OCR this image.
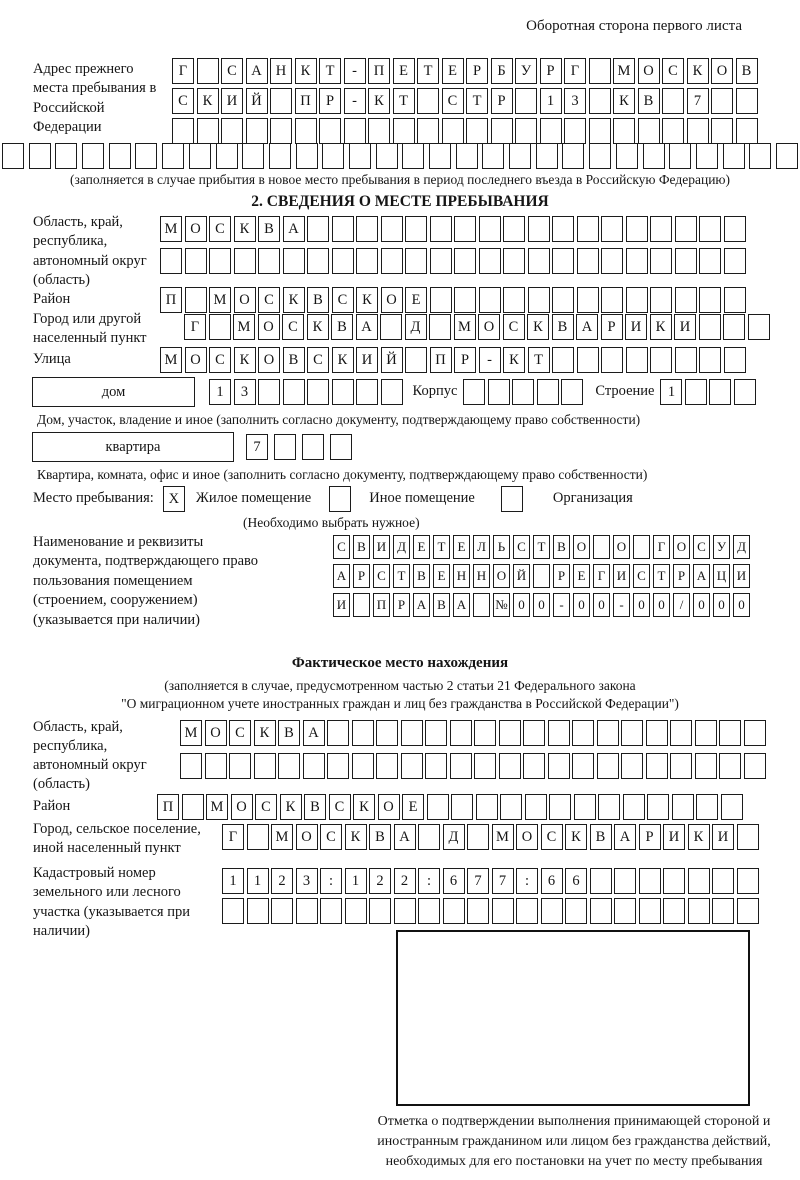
Оборотная сторона первого листа
Адрес прежнего места пребывания в Российской Федерации
Г	С А Н К	Т	-	П	Е	Т	Е	Р	Б	У	Р	Г	М О С	К О В
С	К И Й	П	Р	-	К	Т	С	Т	Р	1	3	К	В	7
(заполняется в случае прибытия в новое место пребывания в период последнего въезда в Российскую Федерацию)
2. СВЕДЕНИЯ О МЕСТЕ ПРЕБЫВАНИЯ
Область, край, республика, автономный округ (область)
М О С	К	В А
Район	П	М О С	К	В	С	К О	Е
Город или другой населенный пункт
Г	М О С	К	В А	Д	М О С	К	В А	Р	И К И
Улица	М О С	К О В	С	К И Й	П	Р	-	К	Т
дом	1	3	Корпус	Строение 1
Дом, участок, владение и иное (заполнить согласно документу, подтверждающему право собственности)
квартира	7
Квартира, комната, офис и иное (заполнить согласно документу, подтверждающему право собственности)
Место пребывания:	X	Жилое помещение	Иное помещение	Организация
(Необходимо выбрать нужное)
Наименование и реквизиты документа, подтверждающего право пользования помещением (строением, сооружением) (указывается при наличии)
С В И Д Е Т Е Л Ь С Т В О О	Г О С У Д
А Р С Т В Е Н Н О Й	Р Е Г И С Т Р А Ц И
И П Р А В А № 0	0	-	0	0	-	0	0	/	0	0	0
Фактическое место нахождения
(заполняется в случае, предусмотренном частью 2 статьи 21 Федерального закона
"О миграционном учете иностранных граждан и лиц без гражданства в Российской Федерации")
Область, край, республика, автономный округ (область)
М О С	К	В А
Район	П	М О С	К	В	С	К О	Е
Город, сельское поселение, иной населенный пункт
Г	М О С	К	В А	Д	М О С	К	В А	Р	И К И
Кадастровый номер земельного или лесного участка (указывается при наличии)
1	1	2	3	:	1	2	2	:	6	7	7	:	6	6
Отметка о подтверждении выполнения принимающей стороной и иностранным гражданином или лицом без гражданства действий, необходимых для его постановки на учет по месту пребывания
